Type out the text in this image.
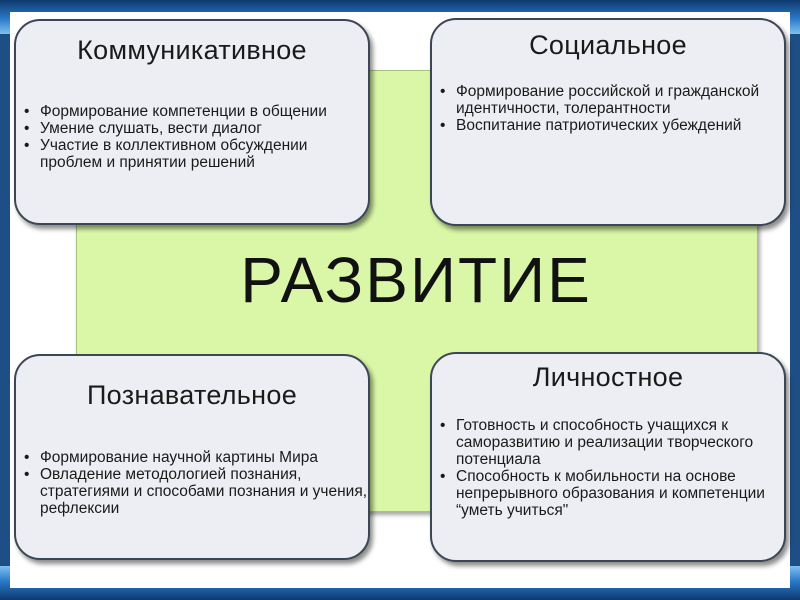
РАЗВИТИЕ
Коммуникативное
• Формирование компетенции в общении
• Умение слушать, вести диалог
• Участие в коллективном обсуждении проблем и принятии решений
Социальное
• Формирование российской и гражданской идентичности, толерантности
• Воспитание патриотических убеждений
Познавательное
• Формирование научной картины Мира
• Овладение методологией познания, стратегиями и способами познания и учения, рефлексии
Личностное
• Готовность и способность учащихся к саморазвитию и реализации творческого потенциала
• Способность к мобильности на основе непрерывного образования и компетенции “уметь учиться"
